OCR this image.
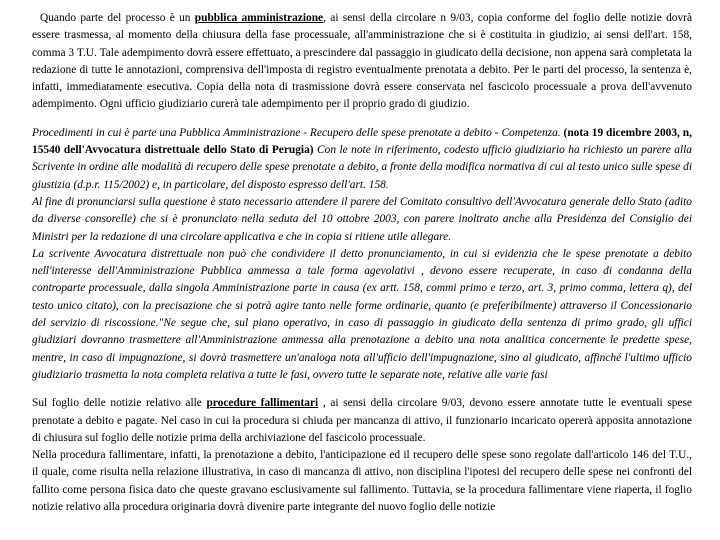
Quando parte del processo è un pubblica amministrazione, ai sensi della circolare n 9/03, copia conforme del foglio delle notizie dovrà essere trasmessa, al momento della chiusura della fase processuale, all'amministrazione che si è costituita in giudizio, ai sensi dell'art. 158, comma 3 T.U. Tale adempimento dovrà essere effettuato, a prescindere dal passaggio in giudicato della decisione, non appena sarà completata la redazione di tutte le annotazioni, comprensiva dell'imposta di registro eventualmente prenotata a debito. Per le parti del processo, la sentenza è, infatti, immediatamente esecutiva. Copia della nota di trasmissione dovrà essere conservata nel fascicolo processuale a prova dell'avvenuto adempimento. Ogni ufficio giudiziario curerà tale adempimento per il proprio grado di giudizio.

Procedimenti in cui è parte una Pubblica Amministrazione - Recupero delle spese prenotate a debito - Competenza. (nota 19 dicembre 2003, n, 15540 dell'Avvocatura distrettuale dello Stato di Perugia) Con le note in riferimento, codesto ufficio giudiziario ha richiesto un parere alla Scrivente in ordine alle modalità di recupero delle spese prenotate a debito, a fronte della modifica normativa di cui al testo unico sulle spese di giustizia (d.p.r. 115/2002) e, in particolare, del disposto espresso dell'art. 158.
Al fine di pronunciarsi sulla questione è stato necessario attendere il parere del Comitato consultivo dell'Avvocatura generale dello Stato (adito da diverse consorelle) che si è pronunciato nella seduta del 10 ottobre 2003, con parere inoltrato anche alla Presidenza del Consiglio dei Ministri per la redazione di una circolare applicativa e che in copia si ritiene utile allegare.
La scrivente Avvocatura distrettuale non può che condividere il detto pronunciamento, in cui si evidenzia che le spese prenotate a debito nell'interesse dell'Amministrazione Pubblica ammessa a tale forma agevolativi , devono essere recuperate, in caso di condanna della controparte processuale, dalla singola Amministrazione parte in causa (ex artt. 158, commi primo e terzo, art. 3, primo comma, lettera q), del testo unico citato), con la precisazione che si potrà agire tanto nelle forme ordinarie, quanto (e preferibilmente) attraverso il Concessionario del servizio di riscossione."Ne segue che, sul piano operativo, in caso di passaggio in giudicato della sentenza di primo grado, gli uffici giudiziari dovranno trasmettere all'Amministrazione ammessa alla prenotazione a debito una nota analitica concernente le predette spese, mentre, in caso di impugnazione, si dovrà trasmettere un'analoga nota all'ufficio dell'impugnazione, sino al giudicato, affinché l'ultimo ufficio giudiziario trasmetta la nota completa relativa a tutte le fasi, ovvero tutte le separate note, relative alle varie fasi

Sul foglio delle notizie relativo alle procedure fallimentari , ai sensi della circolare 9/03, devono essere annotate tutte le eventuali spese prenotate a debito e pagate. Nel caso in cui la procedura si chiuda per mancanza di attivo, il funzionario incaricato opererà apposita annotazione di chiusura sul foglio delle notizie prima della archiviazione del fascicolo processuale.
Nella procedura fallimentare, infatti, la prenotazione a debito, l'anticipazione ed il recupero delle spese sono regolate dall'articolo 146 del T.U., il quale, come risulta nella relazione illustrativa, in caso di mancanza di attivo, non disciplina l'ipotesi del recupero delle spese nei confronti del fallito come persona fisica dato che queste gravano esclusivamente sul fallimento. Tuttavia, se la procedura fallimentare viene riaperta, il foglio notizie relativo alla procedura originaria dovrà divenire parte integrante del nuovo foglio delle notizie
